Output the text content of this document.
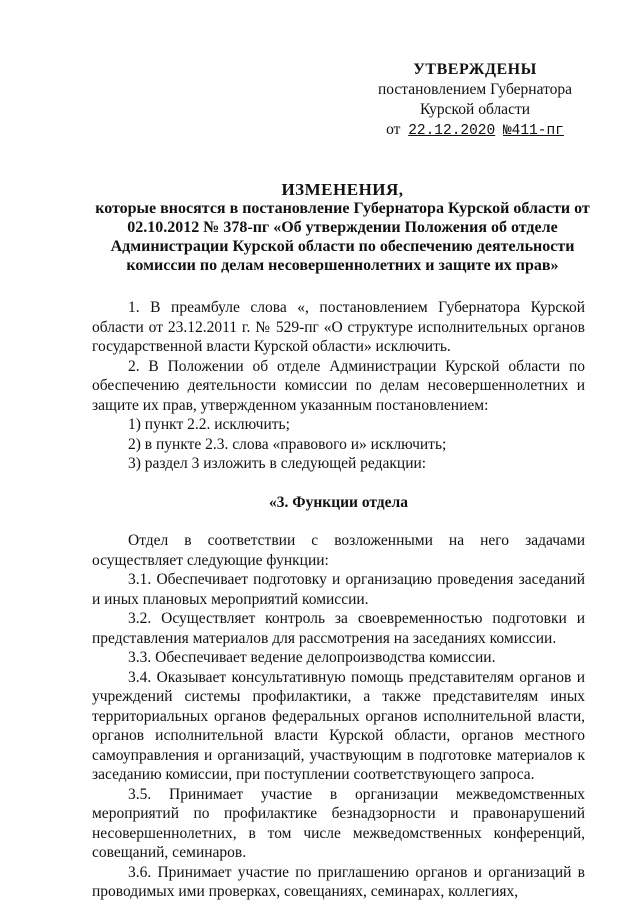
УТВЕРЖДЕНЫ
постановлением Губернатора
Курской области
от 22.12.2020 №411-пг
ИЗМЕНЕНИЯ,
которые вносятся в постановление Губернатора Курской области от 02.10.2012 № 378-пг «Об утверждении Положения об отделе Администрации Курской области по обеспечению деятельности комиссии по делам несовершеннолетних и защите их прав»

1. В преамбуле слова «, постановлением Губернатора Курской области от 23.12.2011 г. № 529-пг «О структуре исполнительных органов государственной власти Курской области» исключить.

2. В Положении об отделе Администрации Курской области по обеспечению деятельности комиссии по делам несовершеннолетних и защите их прав, утвержденном указанным постановлением:

1) пункт 2.2. исключить;

2) в пункте 2.3. слова «правового и» исключить;

3) раздел 3 изложить в следующей редакции:

«3. Функции отдела

Отдел в соответствии с возложенными на него задачами осуществляет следующие функции:

3.1. Обеспечивает подготовку и организацию проведения заседаний и иных плановых мероприятий комиссии.

3.2. Осуществляет контроль за своевременностью подготовки и представления материалов для рассмотрения на заседаниях комиссии.

3.3. Обеспечивает ведение делопроизводства комиссии.

3.4. Оказывает консультативную помощь представителям органов и учреждений системы профилактики, а также представителям иных территориальных органов федеральных органов исполнительной власти, органов исполнительной власти Курской области, органов местного самоуправления и организаций, участвующим в подготовке материалов к заседанию комиссии, при поступлении соответствующего запроса.

3.5. Принимает участие в организации межведомственных мероприятий по профилактике безнадзорности и правонарушений несовершеннолетних, в том числе межведомственных конференций, совещаний, семинаров.

3.6. Принимает участие по приглашению органов и организаций в проводимых ими проверках, совещаниях, семинарах, коллегиях,
